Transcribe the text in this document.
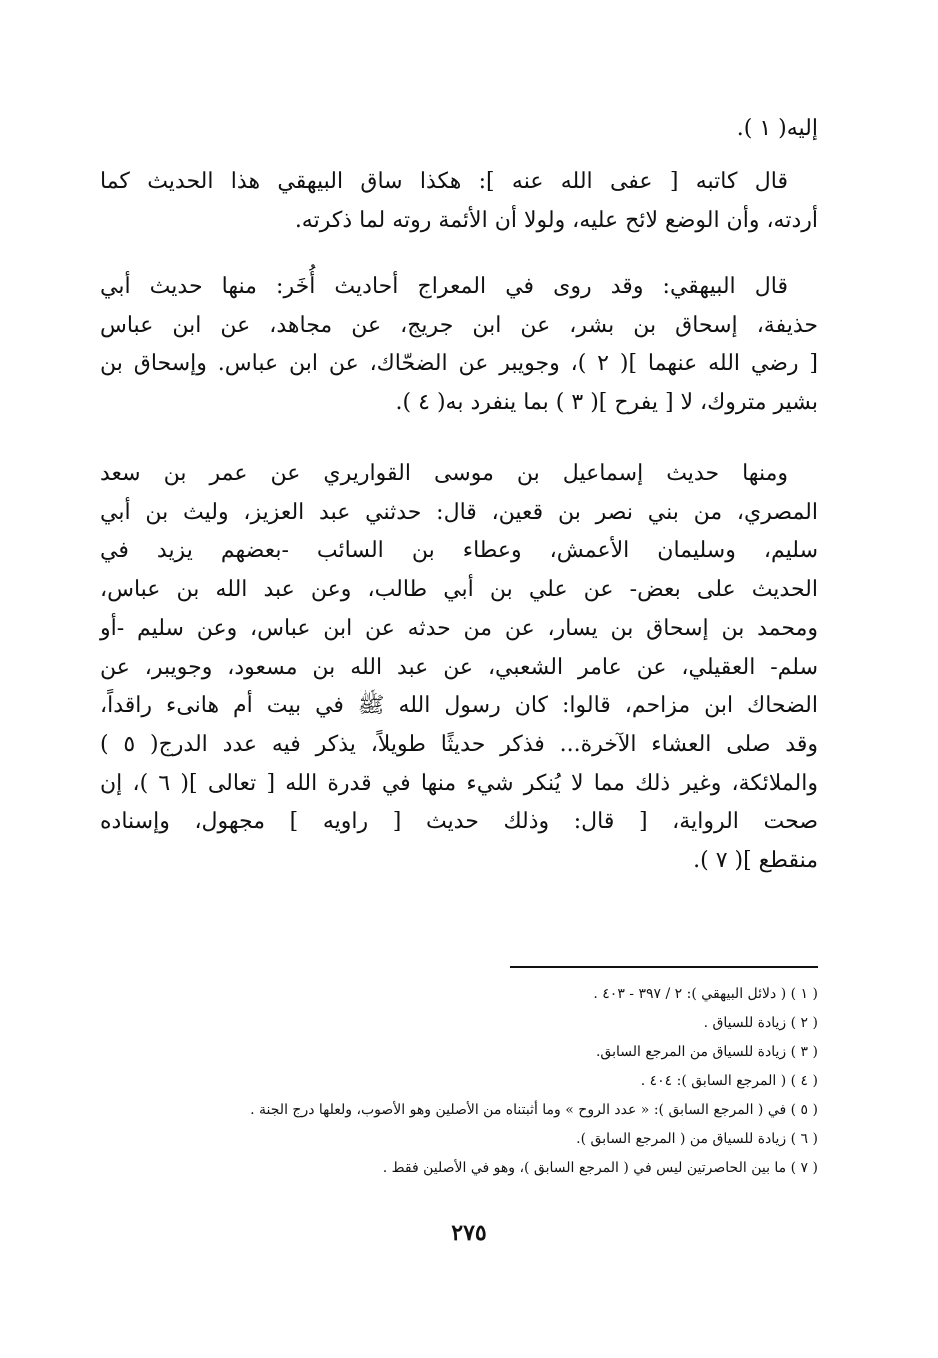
إليه( ١ ).

قال كاتبه [ عفى الله عنه ]: هكذا ساق البيهقي هذا الحديث كما

أردته، وأن الوضع لائح عليه، ولولا أن الأئمة روته لما ذكرته.

قال البيهقي: وقد روى في المعراج أحاديث أُخَر: منها حديث أبي

حذيفة، إسحاق بن بشر، عن ابن جريج، عن مجاهد، عن ابن عباس

[ رضي الله عنهما ]( ٢ )، وجويبر عن الضحّاك، عن ابن عباس. وإسحاق بن

بشير متروك، لا [ يفرح ]( ٣ ) بما ينفرد به( ٤ ).

ومنها حديث إسماعيل بن موسى القواريري عن عمر بن سعد

المصري، من بني نصر بن قعين، قال: حدثني عبد العزيز، وليث بن أبي

سليم، وسليمان الأعمش، وعطاء بن السائب -بعضهم يزيد في

الحديث على بعض- عن علي بن أبي طالب، وعن عبد الله بن عباس،

ومحمد بن إسحاق بن يسار، عن من حدثه عن ابن عباس، وعن سليم -أو

سلم- العقيلي، عن عامر الشعبي، عن عبد الله بن مسعود، وجويبر، عن

الضحاك ابن مزاحم، قالوا: كان رسول الله ﷺ في بيت أم هانىء راقداً،

وقد صلى العشاء الآخرة... فذكر حديثًا طويلاً، يذكر فيه عدد الدرج( ٥ )

والملائكة، وغير ذلك مما لا يُنكر شيء منها في قدرة الله [ تعالى ]( ٦ )، إن

صحت الرواية، [ قال: وذلك حديث [ راويه ] مجهول، وإسناده

منقطع ]( ٧ ).

( ١ ) ( دلائل البيهقي ): ٢ / ٣٩٧ - ٤٠٣ .

( ٢ ) زيادة للسياق .

( ٣ ) زيادة للسياق من المرجع السابق.

( ٤ ) ( المرجع السابق ): ٤٠٤ .

( ٥ ) في ( المرجع السابق ): « عدد الروح » وما أثبتناه من الأصلين وهو الأصوب، ولعلها درج الجنة .

( ٦ ) زيادة للسياق من ( المرجع السابق ).

( ٧ ) ما بين الحاصرتين ليس في ( المرجع السابق )، وهو في الأصلين فقط .

٢٧٥
